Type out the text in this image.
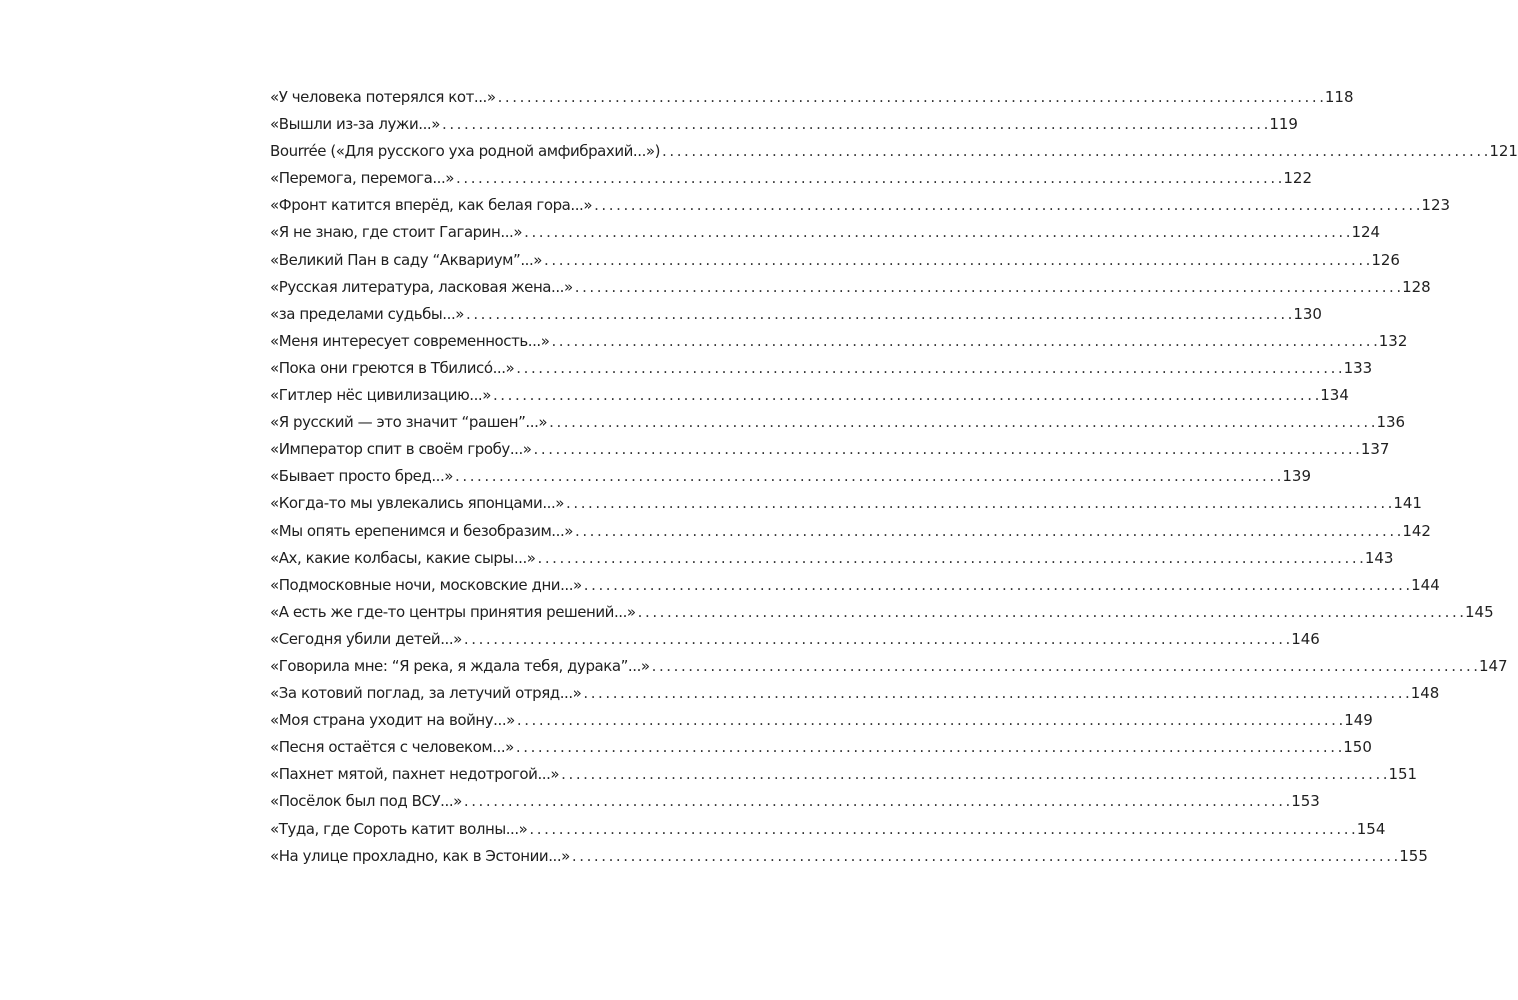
«У человека потерялся кот...» . . .	118
«Вышли из-за лужи...» . . .	119
Bourrée («Для русского уха родной амфибрахий...») . . .	121
«Перемога, перемога...» . . .	122
«Фронт катится вперёд, как белая гора...» . . .	123
«Я не знаю, где стоит Гагарин...» . . .	124
«Великий Пан в саду “Аквариум”...» . . .	126
«Русская литература, ласковая жена...» . . .	128
«за пределами судьбы...» . . .	130
«Меня интересует современность...» . . .	132
«Пока они греются в Тбилисо́...» . . .	133
«Гитлер нёс цивилизацию...» . . .	134
«Я русский — это значит “рашен”...» . . .	136
«Император спит в своём гробу...» . . .	137
«Бывает просто бред...» . . .	139
«Когда-то мы увлекались японцами...» . . .	141
«Мы опять ерепенимся и безобразим...» . . .	142
«Ах, какие колбасы, какие сыры...» . . .	143
«Подмосковные ночи, московские дни...» . . .	144
«А есть же где-то центры принятия решений...» . . .	145
«Сегодня убили детей...» . . .	146
«Говорила мне: “Я река, я ждала тебя, дурака”...» . . .	147
«За котовий поглад, за летучий отряд...» . . .	148
«Моя страна уходит на войну...» . . .	149
«Песня остаётся с человеком...» . . .	150
«Пахнет мятой, пахнет недотрогой...» . . .	151
«Посёлок был под ВСУ...» . . .	153
«Туда, где Сороть катит волны...» . . .	154
«На улице прохладно, как в Эстонии...» . . .	155
